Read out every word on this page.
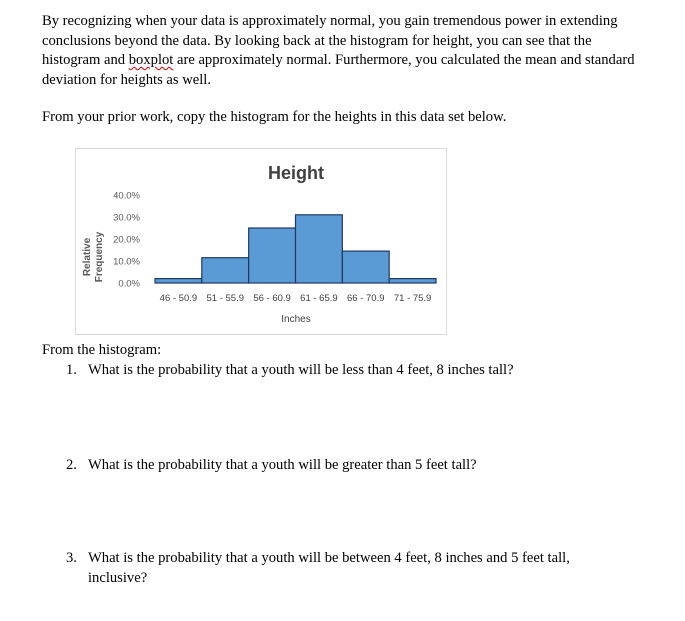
By recognizing when your data is approximately normal, you gain tremendous power in extending conclusions beyond the data. By looking back at the histogram for height, you can see that the histogram and boxplot are approximately normal. Furthermore, you calculated the mean and standard deviation for heights as well.

From your prior work, copy the histogram for the heights in this data set below.

Height
Relative Frequency
40.0%
30.0%
20.0%
10.0%
0.0%
46 - 50.9 51 - 55.9 56 - 60.9 61 - 65.9 66 - 70.9 71 - 75.9
Inches

From the histogram:

1. What is the probability that a youth will be less than 4 feet, 8 inches tall?
2. What is the probability that a youth will be greater than 5 feet tall?
3. What is the probability that a youth will be between 4 feet, 8 inches and 5 feet tall, inclusive?
